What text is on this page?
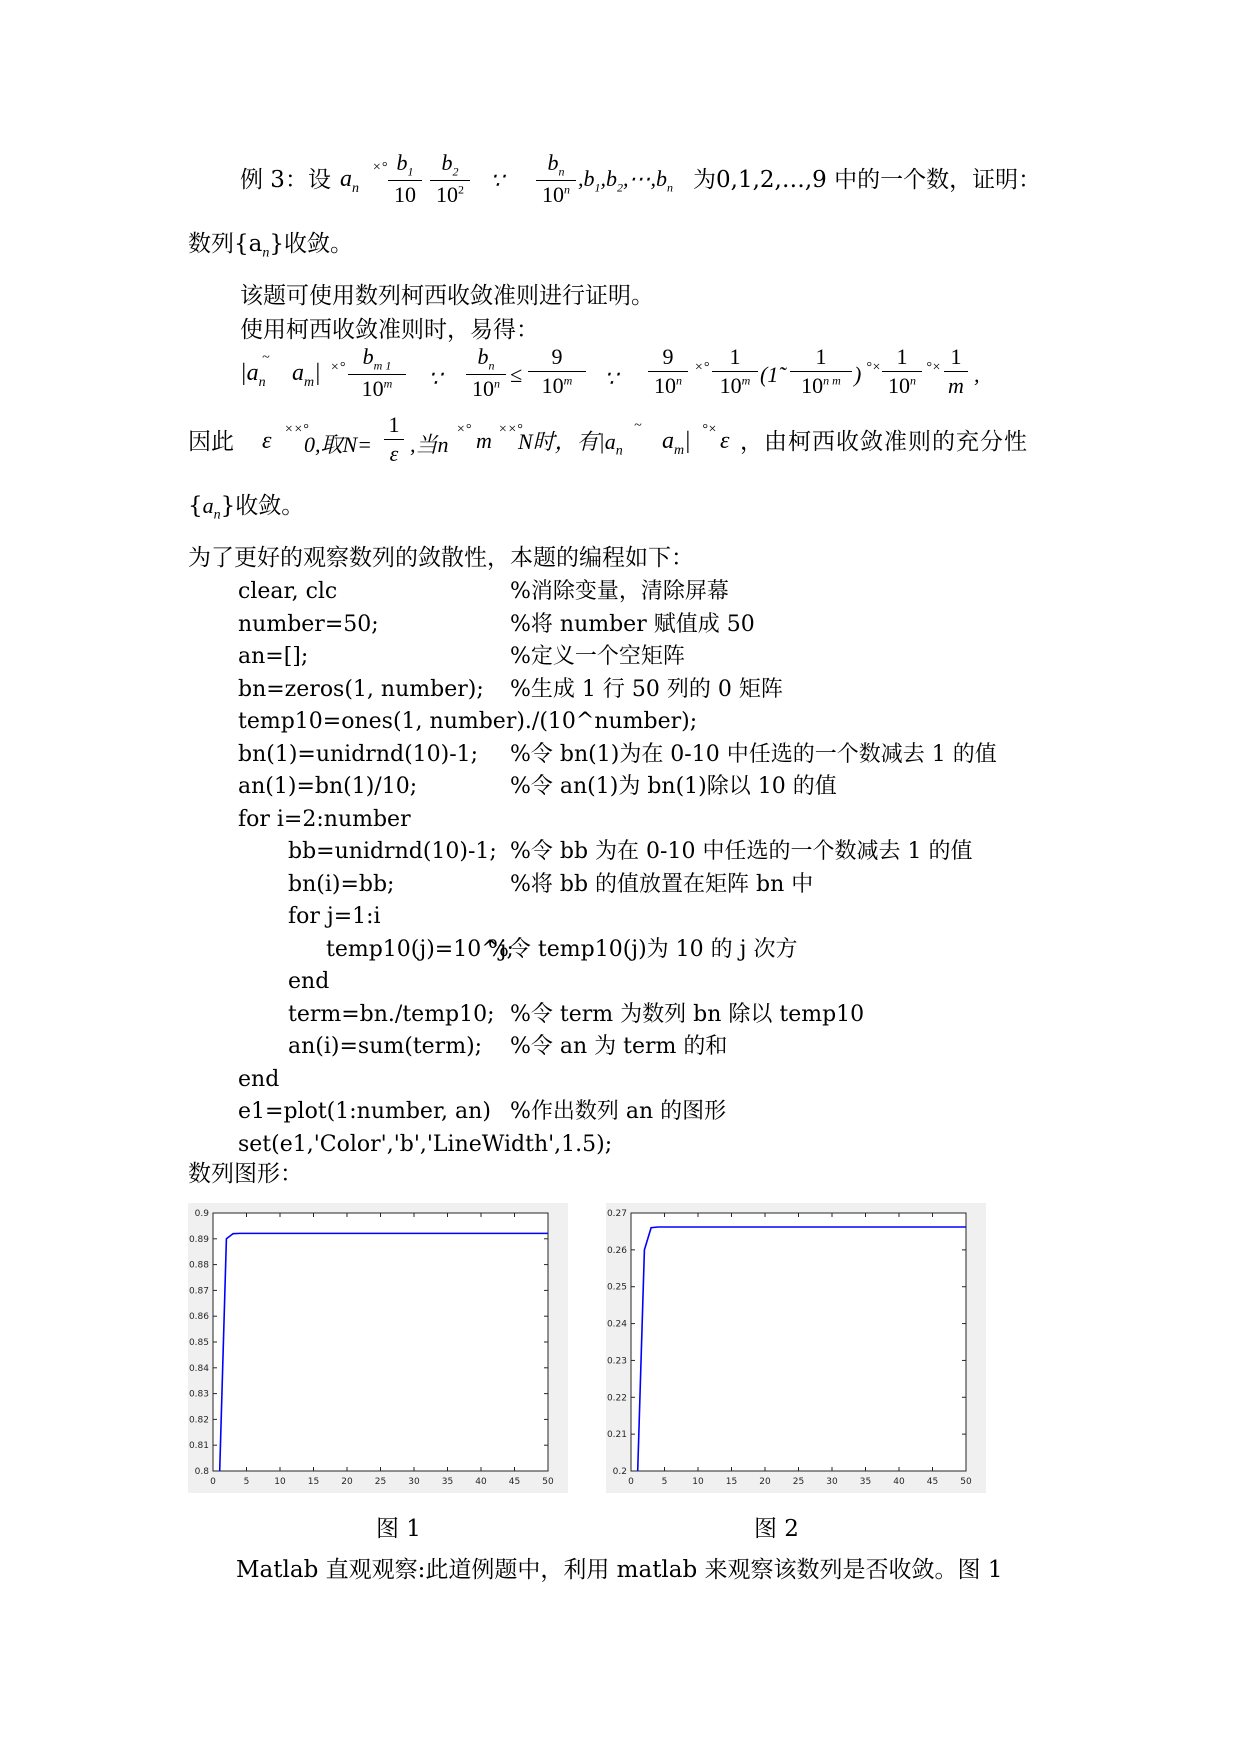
例 3：设 $a_n$
×° $b_1$
10
$b_2$
$10^2$ ∵
$b_n$
10$^n$ $,b_1,b_2,\cdots,b_n$ 为0,1,2,…,9 中的一个数，证明：
数列$\{a_n\}$收敛。
该题可使用数列柯西收敛准则进行证明。
使用柯西收敛准则时，易得：
$|a_n$
~
$a_m|$ ×° $b_{m 1}$
10$^m$	∵
$b_n$
$10^n$ ≤
9
10$^m$	∵
9
$10^n$
×° 1
10$^m$ (1̃
1
$10^{n m}$ ) °× 1
10$^n$
°× 1
m ,
因此 ε ××°
0,取N=
1
ε ,当n
×° m ××°
N时，有$|a_n$
~
$a_m|$ °× ε ，由柯西收敛准则的充分性
$\{a_n\}$收敛。
为了更好的观察数列的敛散性，本题的编程如下：
clear, clc	%消除变量，清除屏幕
number=50;	%将 number 赋值成 50
an=[];	%定义一个空矩阵
bn=zeros(1, number); %生成 1 行 50 列的 0 矩阵
temp10=ones(1, number)./(10^number);
bn(1)=unidrnd(10)-1; %令 bn(1)为在 0-10 中任选的一个数减去 1 的值
an(1)=bn(1)/10;	%令 an(1)为 bn(1)除以 10 的值
for i=2:number
bb=unidrnd(10)-1; %令 bb 为在 0-10 中任选的一个数减去 1 的值
bn(i)=bb;	%将 bb 的值放置在矩阵 bn 中
for j=1:i
temp10(j)=10^j;
%令 temp10(j)为 10 的 j 次方
end
term=bn./temp10; %令 term 为数列 bn 除以 temp10
an(i)=sum(term); %令 an 为 term 的和
end
e1=plot(1:number, an) %作出数列 an 的图形
set(e1,'Color','b','LineWidth',1.5);
数列图形：
0	5	10 15 20 25 30 35 40 45 50
0.8
0.81
0.82
0.83
0.84
0.85
0.86
0.87
0.88
0.89
0.9
0	5	10 15 20 25 30 35 40 45 50
0.2
0.21
0.22
0.23
0.24
0.25
0.26
0.27
图 1	图 2
Matlab 直观观察:此道例题中，利用 matlab 来观察该数列是否收敛。图 1
